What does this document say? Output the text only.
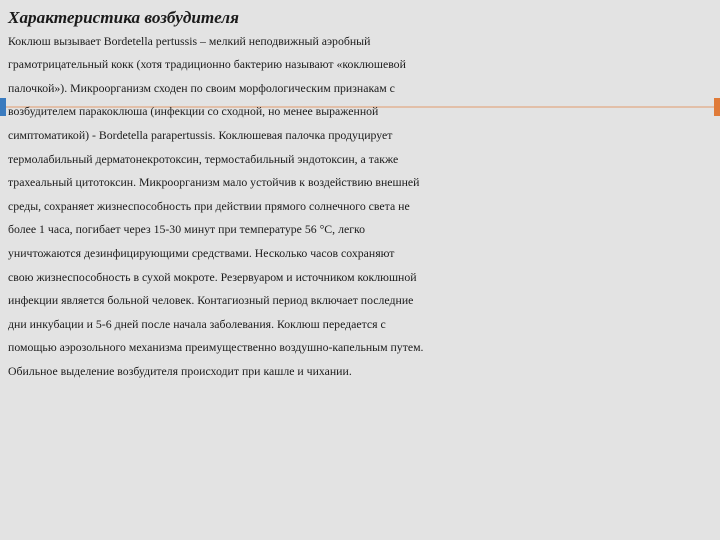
Характеристика возбудителя

Коклюш вызывает Bordetella pertussis – мелкий неподвижный аэробный

грамотрицательный кокк (хотя традиционно бактерию называют «коклюшевой

палочкой»). Микроорганизм сходен по своим морфологическим признакам с

возбудителем паракоклюша (инфекции со сходной, но менее выраженной

симптоматикой) - Bordetella parapertussis. Коклюшевая палочка продуцирует

термолабильный дерматонекротоксин, термостабильный эндотоксин, а также

трахеальный цитотоксин. Микроорганизм мало устойчив к воздействию внешней

среды, сохраняет жизнеспособность при действии прямого солнечного света не

более 1 часа, погибает через 15-30 минут при температуре 56 °С, легко

уничтожаются дезинфицирующими средствами. Несколько часов сохраняют

свою жизнеспособность в сухой мокроте. Резервуаром и источником коклюшной

инфекции является больной человек. Контагиозный период включает последние

дни инкубации и 5-6 дней после начала заболевания. Коклюш передается с

помощью аэрозольного механизма преимущественно воздушно-капельным путем.

Обильное выделение возбудителя происходит при кашле и чихании.
